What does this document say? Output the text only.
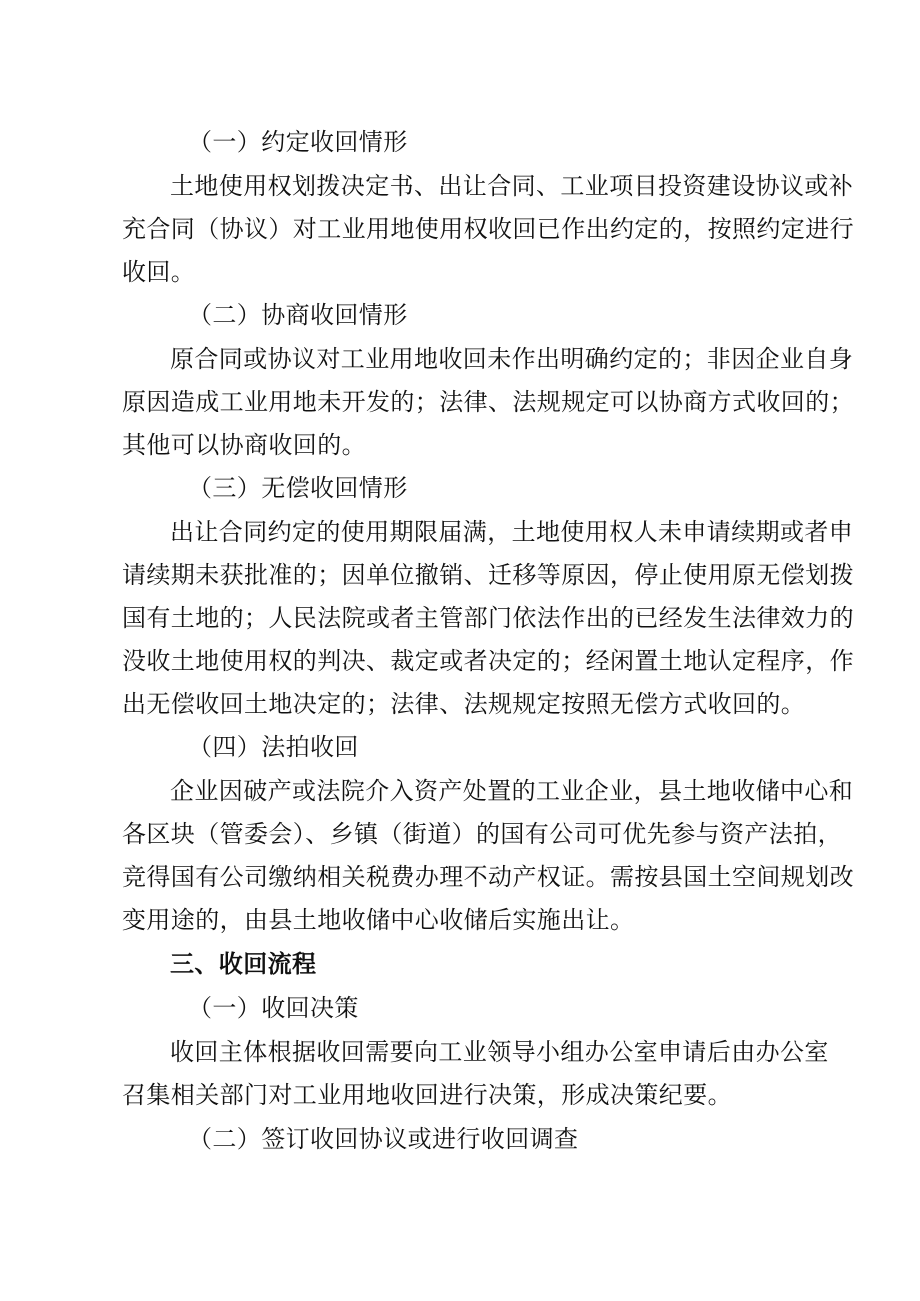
（一）约定收回情形
土地使用权划拨决定书、出让合同、工业项目投资建设协议或补
充合同（协议）对工业用地使用权收回已作出约定的，按照约定进行
收回。
（二）协商收回情形
原合同或协议对工业用地收回未作出明确约定的；非因企业自身
原因造成工业用地未开发的；法律、法规规定可以协商方式收回的；
其他可以协商收回的。
（三）无偿收回情形
出让合同约定的使用期限届满，土地使用权人未申请续期或者申
请续期未获批准的；因单位撤销、迁移等原因，停止使用原无偿划拨
国有土地的；人民法院或者主管部门依法作出的已经发生法律效力的
没收土地使用权的判决、裁定或者决定的；经闲置土地认定程序，作
出无偿收回土地决定的；法律、法规规定按照无偿方式收回的。
（四）法拍收回
企业因破产或法院介入资产处置的工业企业，县土地收储中心和
各区块（管委会）、乡镇（街道）的国有公司可优先参与资产法拍，
竞得国有公司缴纳相关税费办理不动产权证。需按县国土空间规划改
变用途的，由县土地收储中心收储后实施出让。
三、收回流程
（一）收回决策
收回主体根据收回需要向工业领导小组办公室申请后由办公室
召集相关部门对工业用地收回进行决策，形成决策纪要。
（二）签订收回协议或进行收回调查
